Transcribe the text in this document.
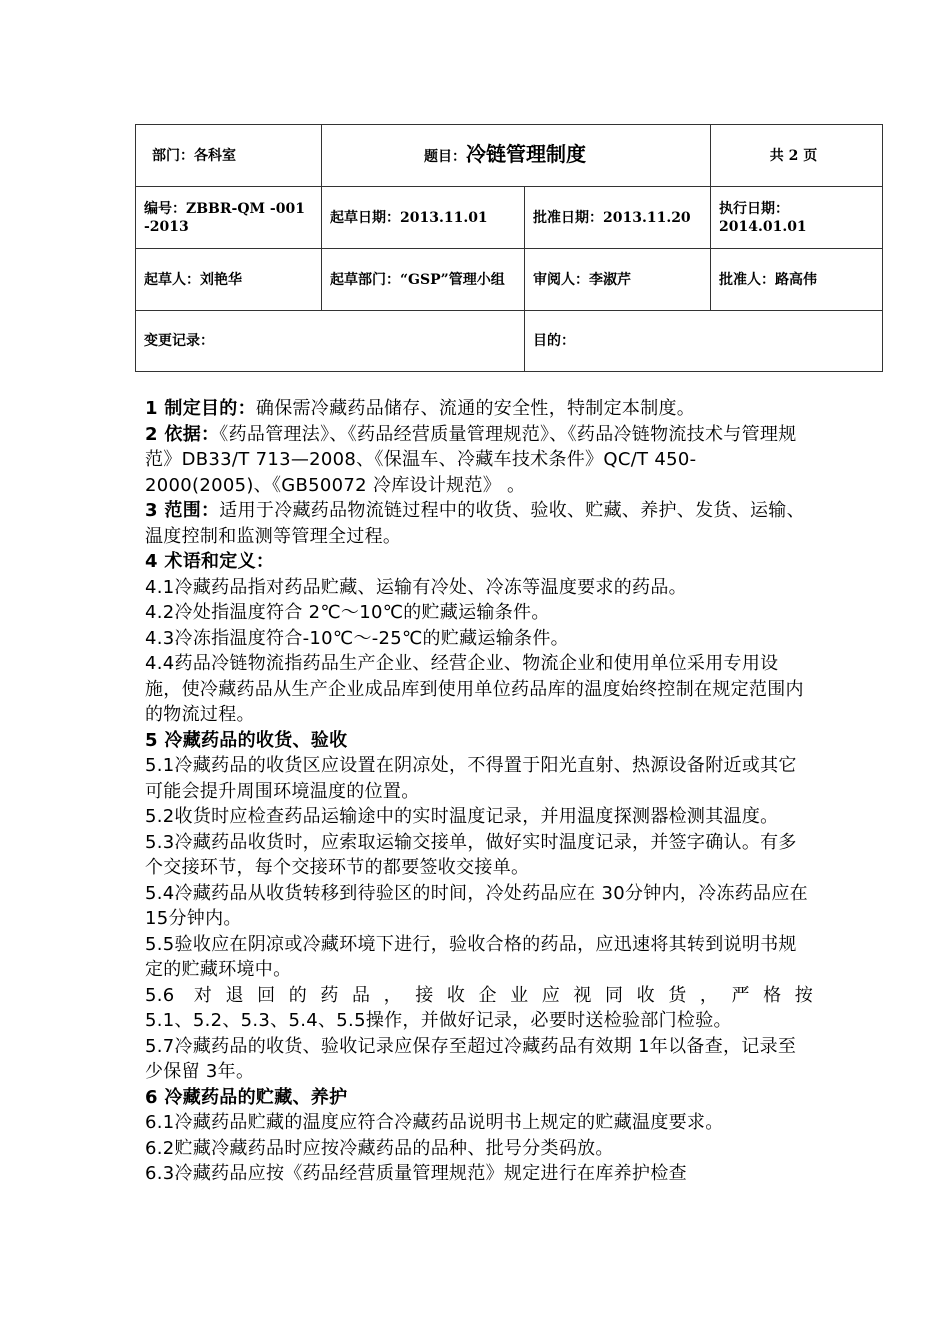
部门：各科室	题目：冷链管理制度		共 2 页
编号：ZBBR-QM -001 -2013	起草日期：2013.11.01	批准日期：2013.11.20	执行日期：2014.01.01
起草人：刘艳华	起草部门：“GSP”管理小组	审阅人：李淑芹	批准人：路高伟
变更记录：		目的：	

1 制定目的：确保需冷藏药品储存、流通的安全性，特制定本制度。

2 依据：《药品管理法》、《药品经营质量管理规范》、《药品冷链物流技术与管理规范》DB33/T 713—2008、《保温车、冷藏车技术条件》QC/T 450-2000(2005)、《GB50072 冷库设计规范》 。

3 范围：适用于冷藏药品物流链过程中的收货、验收、贮藏、养护、发货、运输、温度控制和监测等管理全过程。

4 术语和定义：

4.1冷藏药品指对药品贮藏、运输有冷处、冷冻等温度要求的药品。

4.2冷处指温度符合 2℃～10℃的贮藏运输条件。

4.3冷冻指温度符合-10℃～-25℃的贮藏运输条件。

4.4药品冷链物流指药品生产企业、经营企业、物流企业和使用单位采用专用设施，使冷藏药品从生产企业成品库到使用单位药品库的温度始终控制在规定范围内的物流过程。

5 冷藏药品的收货、验收

5.1冷藏药品的收货区应设置在阴凉处，不得置于阳光直射、热源设备附近或其它可能会提升周围环境温度的位置。

5.2收货时应检查药品运输途中的实时温度记录，并用温度探测器检测其温度。

5.3冷藏药品收货时，应索取运输交接单，做好实时温度记录，并签字确认。有多个交接环节，每个交接环节的都要签收交接单。

5.4冷藏药品从收货转移到待验区的时间，冷处药品应在 30分钟内，冷冻药品应在 15分钟内。

5.5验收应在阴凉或冷藏环境下进行，验收合格的药品，应迅速将其转到说明书规定的贮藏环境中。

5.6 对退回的药品，接收企业应视同收货，严格按

5.1、5.2、5.3、5.4、5.5操作，并做好记录，必要时送检验部门检验。

5.7冷藏药品的收货、验收记录应保存至超过冷藏药品有效期 1年以备查，记录至少保留 3年。

6 冷藏药品的贮藏、养护

6.1冷藏药品贮藏的温度应符合冷藏药品说明书上规定的贮藏温度要求。

6.2贮藏冷藏药品时应按冷藏药品的品种、批号分类码放。

6.3冷藏药品应按《药品经营质量管理规范》规定进行在库养护检查
